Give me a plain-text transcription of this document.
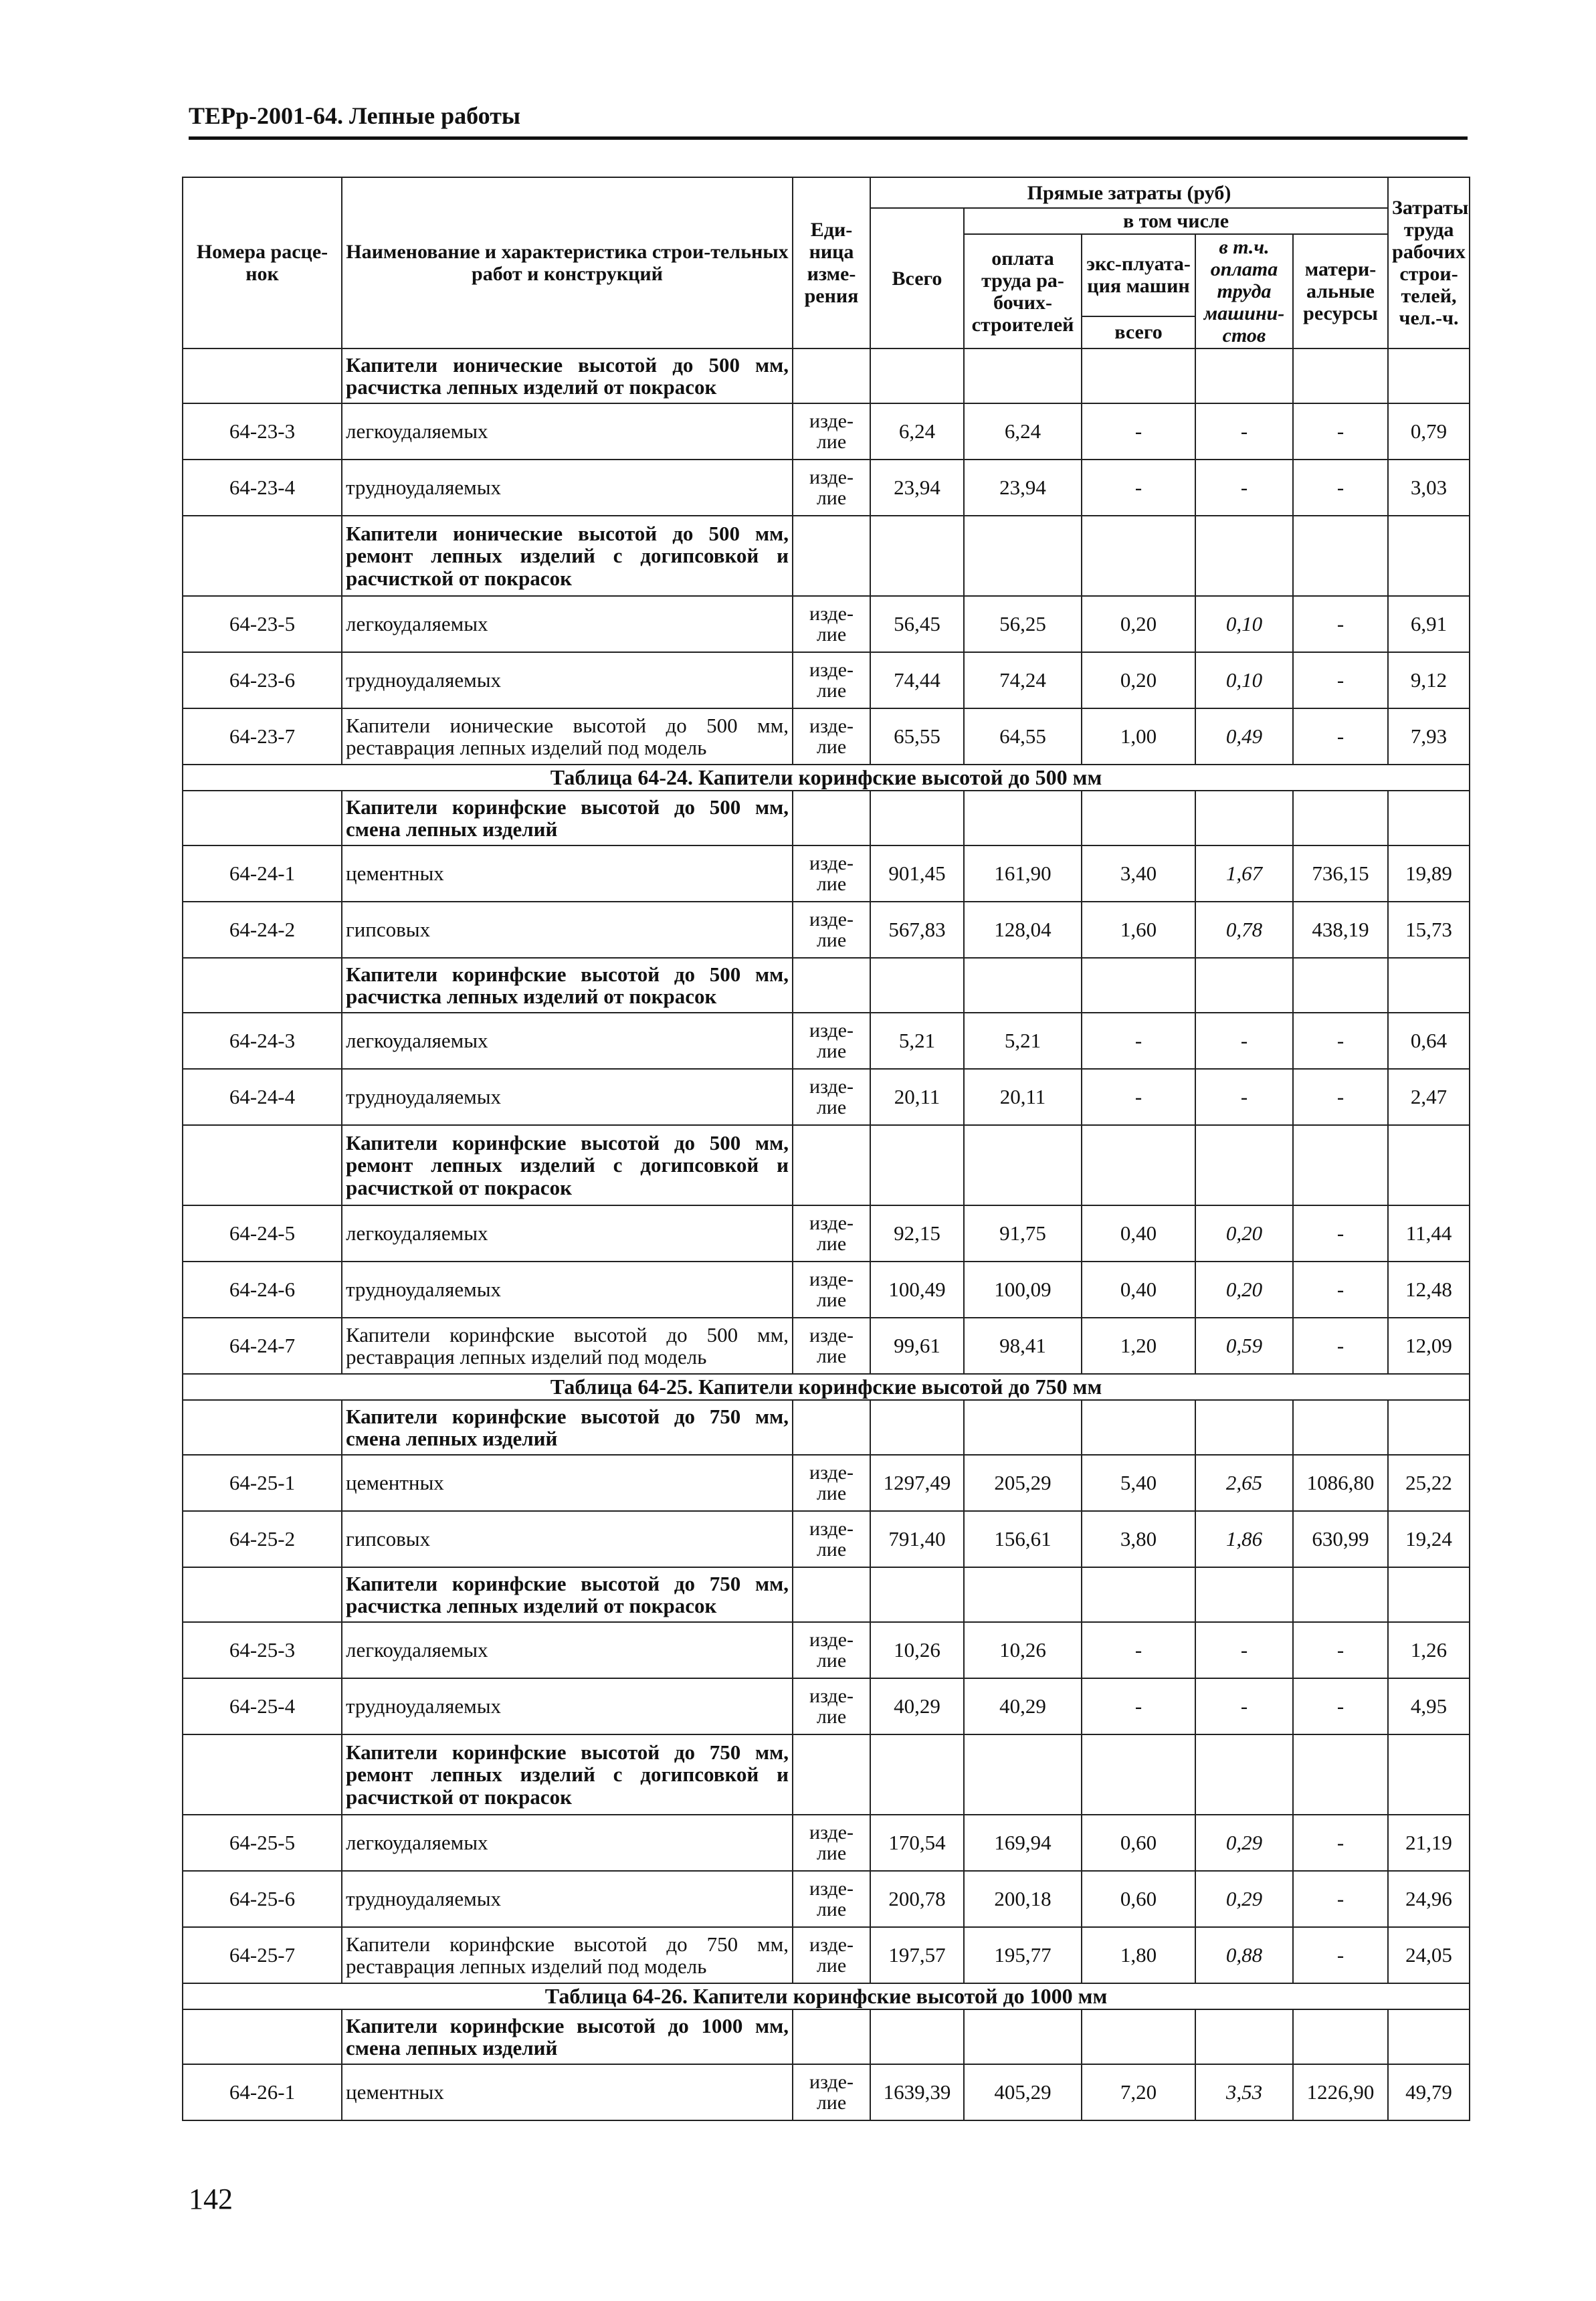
ТЕРр-2001-64. Лепные работы
Номера расце-нок	Наименование и характеристика строи-тельных работ и конструкций	Еди-ница изме-рения	Прямые затраты (руб)					Затраты труда рабочих строи-телей, чел.-ч.
			Всего	в том числе				
				оплата труда ра-бочих-строителей	экс-плуата-ция машин	в т.ч. оплата труда машини-стов	матери-альные ресурсы	

					всего			
	Капители ионические высотой до 500 мм, расчистка лепных изделий от покрасок							
64-23-3	легкоудаляемых	изде-лие	6,24	6,24	-	-	-	0,79
64-23-4	трудноудаляемых	изде-лие	23,94	23,94	-	-	-	3,03
	Капители ионические высотой до 500 мм, ремонт лепных изделий с догипсовкой и расчисткой от покрасок							
64-23-5	легкоудаляемых	изде-лие	56,45	56,25	0,20	0,10	-	6,91
64-23-6	трудноудаляемых	изде-лие	74,44	74,24	0,20	0,10	-	9,12
64-23-7	Капители ионические высотой до 500 мм, реставрация лепных изделий под модель	изде-лие	65,55	64,55	1,00	0,49	-	7,93
Таблица 64-24. Капители коринфские высотой до 500 мм								
	Капители коринфские высотой до 500 мм, смена лепных изделий							
64-24-1	цементных	изде-лие	901,45	161,90	3,40	1,67	736,15	19,89
64-24-2	гипсовых	изде-лие	567,83	128,04	1,60	0,78	438,19	15,73
	Капители коринфские высотой до 500 мм, расчистка лепных изделий от покрасок							
64-24-3	легкоудаляемых	изде-лие	5,21	5,21	-	-	-	0,64
64-24-4	трудноудаляемых	изде-лие	20,11	20,11	-	-	-	2,47
	Капители коринфские высотой до 500 мм, ремонт лепных изделий с догипсовкой и расчисткой от покрасок							
64-24-5	легкоудаляемых	изде-лие	92,15	91,75	0,40	0,20	-	11,44
64-24-6	трудноудаляемых	изде-лие	100,49	100,09	0,40	0,20	-	12,48
64-24-7	Капители коринфские высотой до 500 мм, реставрация лепных изделий под модель	изде-лие	99,61	98,41	1,20	0,59	-	12,09
Таблица 64-25. Капители коринфские высотой до 750 мм								
	Капители коринфские высотой до 750 мм, смена лепных изделий							
64-25-1	цементных	изде-лие	1297,49	205,29	5,40	2,65	1086,80	25,22
64-25-2	гипсовых	изде-лие	791,40	156,61	3,80	1,86	630,99	19,24
	Капители коринфские высотой до 750 мм, расчистка лепных изделий от покрасок							
64-25-3	легкоудаляемых	изде-лие	10,26	10,26	-	-	-	1,26
64-25-4	трудноудаляемых	изде-лие	40,29	40,29	-	-	-	4,95
	Капители коринфские высотой до 750 мм, ремонт лепных изделий с догипсовкой и расчисткой от покрасок							
64-25-5	легкоудаляемых	изде-лие	170,54	169,94	0,60	0,29	-	21,19
64-25-6	трудноудаляемых	изде-лие	200,78	200,18	0,60	0,29	-	24,96
64-25-7	Капители коринфские высотой до 750 мм, реставрация лепных изделий под модель	изде-лие	197,57	195,77	1,80	0,88	-	24,05
Таблица 64-26. Капители коринфские высотой до 1000 мм								
	Капители коринфские высотой до 1000 мм, смена лепных изделий							
64-26-1	цементных	изде-лие	1639,39	405,29	7,20	3,53	1226,90	49,79
142
